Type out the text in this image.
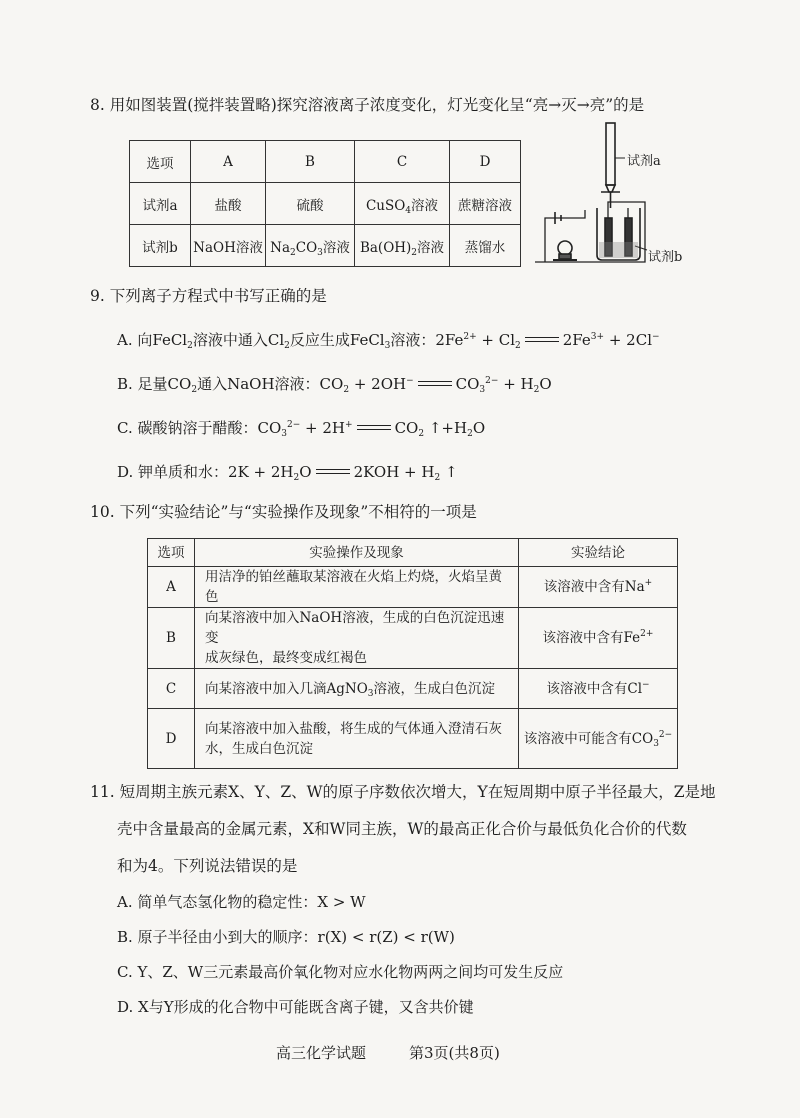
8. 用如图装置(搅拌装置略)探究溶液离子浓度变化，灯光变化呈“亮→灭→亮”的是
选项	A	B	C	D
试剂a	盐酸	硫酸	CuSO$_4$溶液	蔗糖溶液
试剂b	NaOH溶液	$Na_2CO_3$溶液	$Ba(OH)_2$溶液	蒸馏水
试剂a
试剂b
9. 下列离子方程式中书写正确的是
A. 向FeCl$_2$溶液中通入$Cl_2$反应生成FeCl$_3$溶液：$2Fe^{2+} + Cl_2$	$2Fe^{3+} + 2Cl^-$
B. 足量$CO_2$通入NaOH溶液：$CO_2 + 2OH^-$	$CO_3^{2-} + H_2O$
C. 碳酸钠溶于醋酸：$CO_3^{2-} + 2H^+$	$CO_2$ $↑+H_2O$
D. 钾单质和水：$2K + 2H_2O$	$2KOH + H_2$ ↑
10. 下列“实验结论”与“实验操作及现象”不相符的一项是
选项	实验操作及现象	实验结论
A	用洁净的铂丝蘸取某溶液在火焰上灼烧，火焰呈黄色	该溶液中含有Na+
B	向某溶液中加入NaOH溶液，生成的白色沉淀迅速变
成灰绿色，最终变成红褐色	该溶液中含有$Fe^{2+}$
C	向某溶液中加入几滴AgNO$_3$溶液，生成白色沉淀	该溶液中含有Cl−
D	向某溶液中加入盐酸，将生成的气体通入澄清石灰
水，生成白色沉淀	该溶液中可能含有$CO_3^{2-}$
11. 短周期主族元素X、Y、Z、W的原子序数依次增大，Y在短周期中原子半径最大，Z是地
壳中含量最高的金属元素，X和W同主族，W的最高正化合价与最低负化合价的代数
和为4。下列说法错误的是
A. 简单气态氢化物的稳定性：X > W
B. 原子半径由小到大的顺序：r(X) < r(Z) < r(W)
C. Y、Z、W三元素最高价氧化物对应水化物两两之间均可发生反应
D. X与Y形成的化合物中可能既含离子键，又含共价键
高三化学试题	第3页(共8页)
